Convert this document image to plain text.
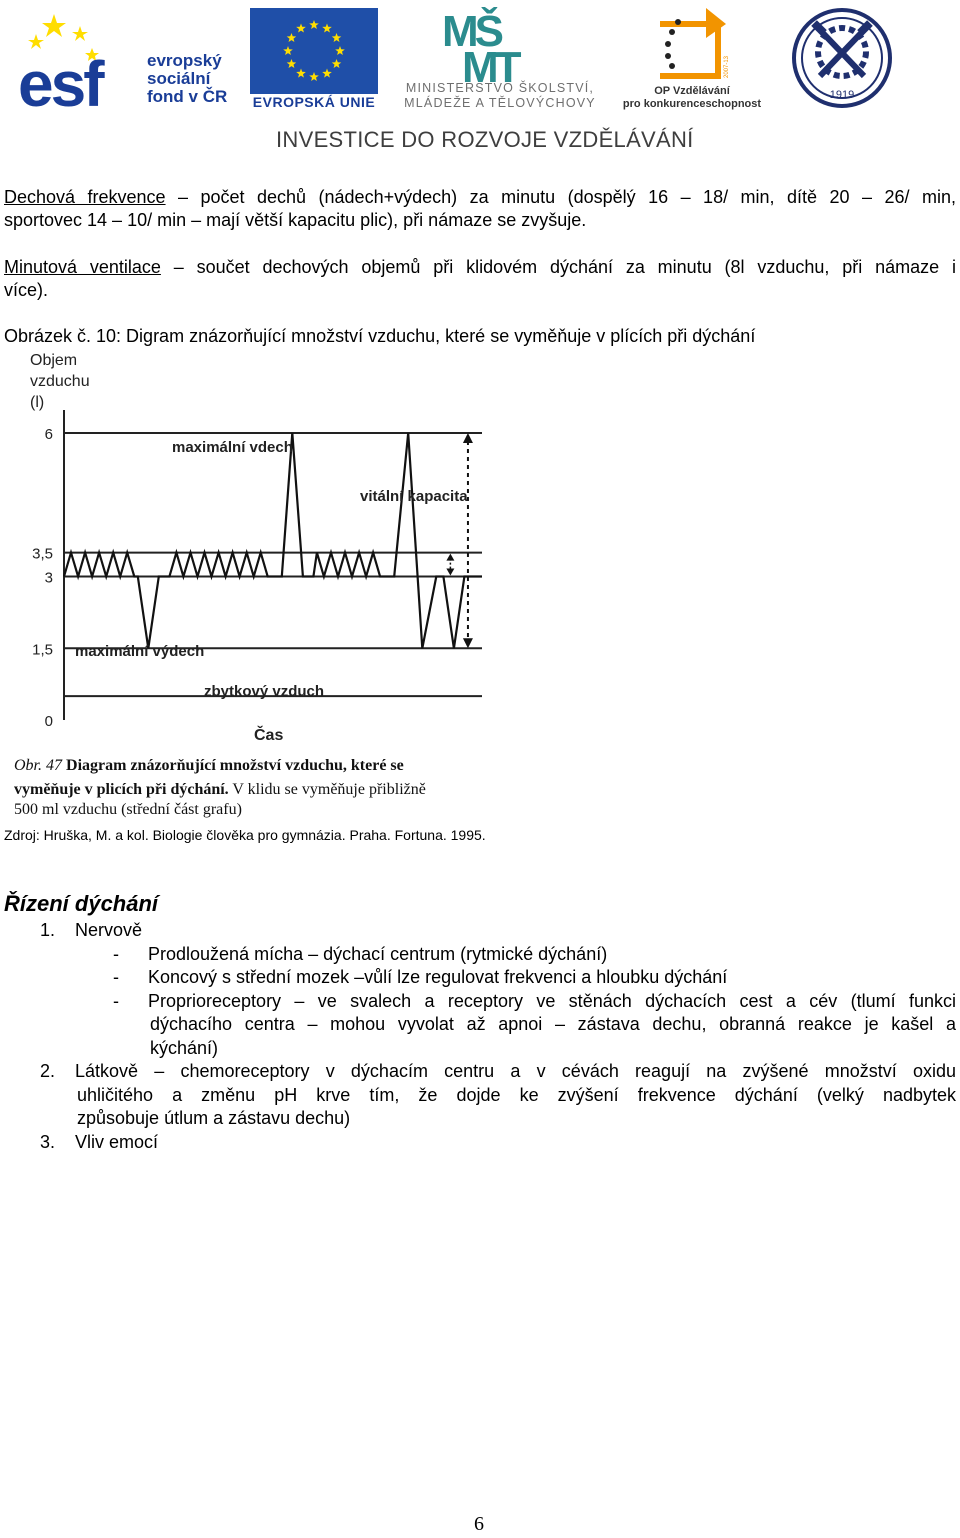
esf	evropský
sociální
fond v ČR EVROPSKÁ UNIE
MŠ
MT
MINISTERSTVO ŠKOLSTVÍ,
MLÁDEŽE A TĚLOVÝCHOVY
2007-13
OP Vzdělávání
pro konkurenceschopnost
1919
INVESTICE DO ROZVOJE VZDĚLÁVÁNÍ
Dechová frekvence – počet dechů (nádech+výdech) za minutu (dospělý 16 – 18/ min, dítě 20 – 26/ min,
sportovec 14 – 10/ min – mají větší kapacitu plic), při námaze se zvyšuje.
Minutová ventilace – součet dechových objemů při klidovém dýchání za minutu (8l vzduchu, při námaze i
více).
Obrázek č. 10: Digram znázorňující množství vzduchu, které se vyměňuje v plících při dýchání
Objem
vzduchu
(l)
0
1,5
3
3,5
6
maximální vdech
vitální kapacita
maximální výdech
zbytkový vzduch
Čas
Obr. 47 Diagram znázorňující množství vzduchu, které se
vyměňuje v plicích při dýchání. V klidu se vyměňuje přibližně
500 ml vzduchu (střední část grafu)
Zdroj: Hruška, M. a kol. Biologie člověka pro gymnázia. Praha. Fortuna. 1995.
Řízení dýchání
1. Nervově
- Prodloužená mícha – dýchací centrum (rytmické dýchání)
- Koncový s střední mozek –vůlí lze regulovat frekvenci a hloubku dýchání
- Proprioreceptory – ve svalech a receptory ve stěnách dýchacích cest a cév (tlumí funkci
dýchacího centra – mohou vyvolat až apnoi – zástava dechu, obranná reakce je kašel a
kýchání)
2. Látkově – chemoreceptory v dýchacím centru a v cévách reagují na zvýšené množství oxidu
uhličitého a změnu pH krve tím, že dojde ke zvýšení frekvence dýchání (velký nadbytek
způsobuje útlum a zástavu dechu)
3. Vliv emocí
6
